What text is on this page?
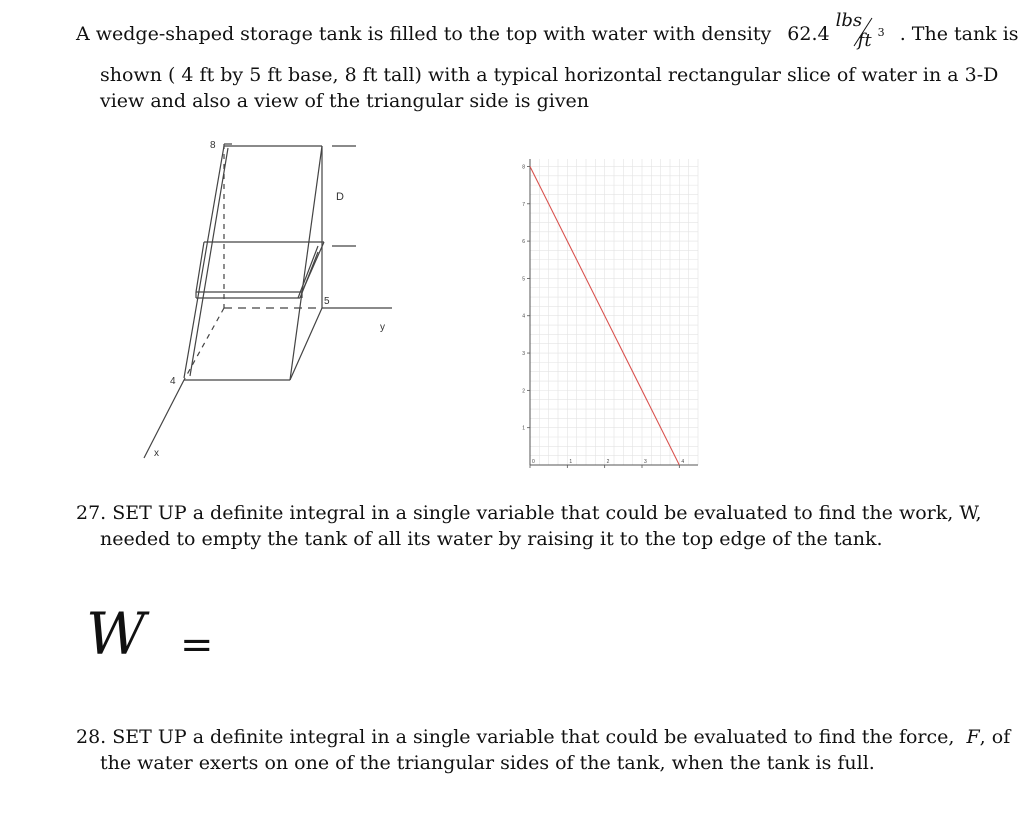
A wedge-shaped storage tank is filled to the top with water with density 62.4
lbs
ft 3 . The tank is
shown ( 4 ft by 5 ft base, 8 ft tall) with a typical horizontal rectangular slice of water in a 3-D
view and also a view of the triangular side is given
8
D
5
y
4
x
0	1	2	3	4
1
2
3
4
5
6
7
8
27. SET UP a definite integral in a single variable that could be evaluated to find the work, W,
needed to empty the tank of all its water by raising it to the top edge of the tank.
W =
28. SET UP a definite integral in a single variable that could be evaluated to find the force, F, of
the water exerts on one of the triangular sides of the tank, when the tank is full.
